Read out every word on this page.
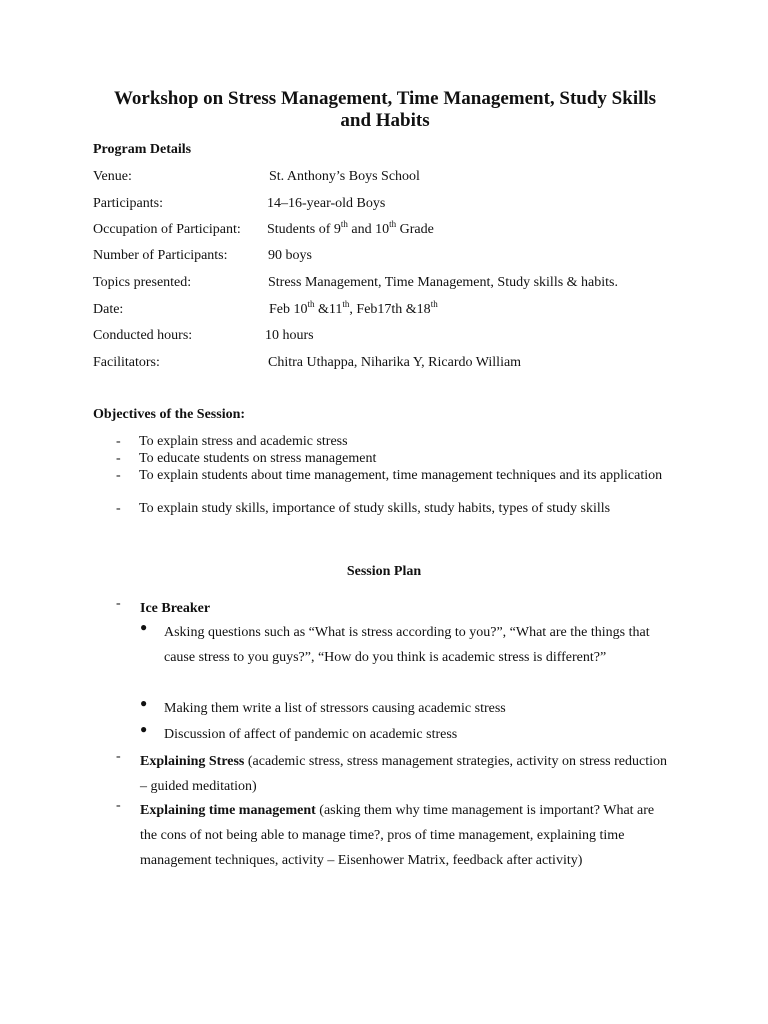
Workshop on Stress Management, Time Management, Study Skills and Habits
Program Details
Venue:	St. Anthony’s Boys School
Participants:	14–16-year-old Boys
Occupation of Participant: Students of 9th and 10th Grade
Number of Participants:	90 boys
Topics presented:	Stress Management, Time Management, Study skills & habits.
Date:	Feb 10th &11th, Feb17th &18th
Conducted hours:	10 hours
Facilitators:	Chitra Uthappa, Niharika Y, Ricardo William
Objectives of the Session:
- To explain stress and academic stress
- To educate students on stress management
- To explain students about time management, time management techniques and its application
- To explain study skills, importance of study skills, study habits, types of study skills
Session Plan
- Ice Breaker
● Asking questions such as “What is stress according to you?”, “What are the things that cause stress to you guys?”, “How do you think is academic stress is different?”
● Making them write a list of stressors causing academic stress
● Discussion of affect of pandemic on academic stress
- Explaining Stress (academic stress, stress management strategies, activity on stress reduction – guided meditation)
- Explaining time management (asking them why time management is important? What are the cons of not being able to manage time?, pros of time management, explaining time management techniques, activity – Eisenhower Matrix, feedback after activity)
